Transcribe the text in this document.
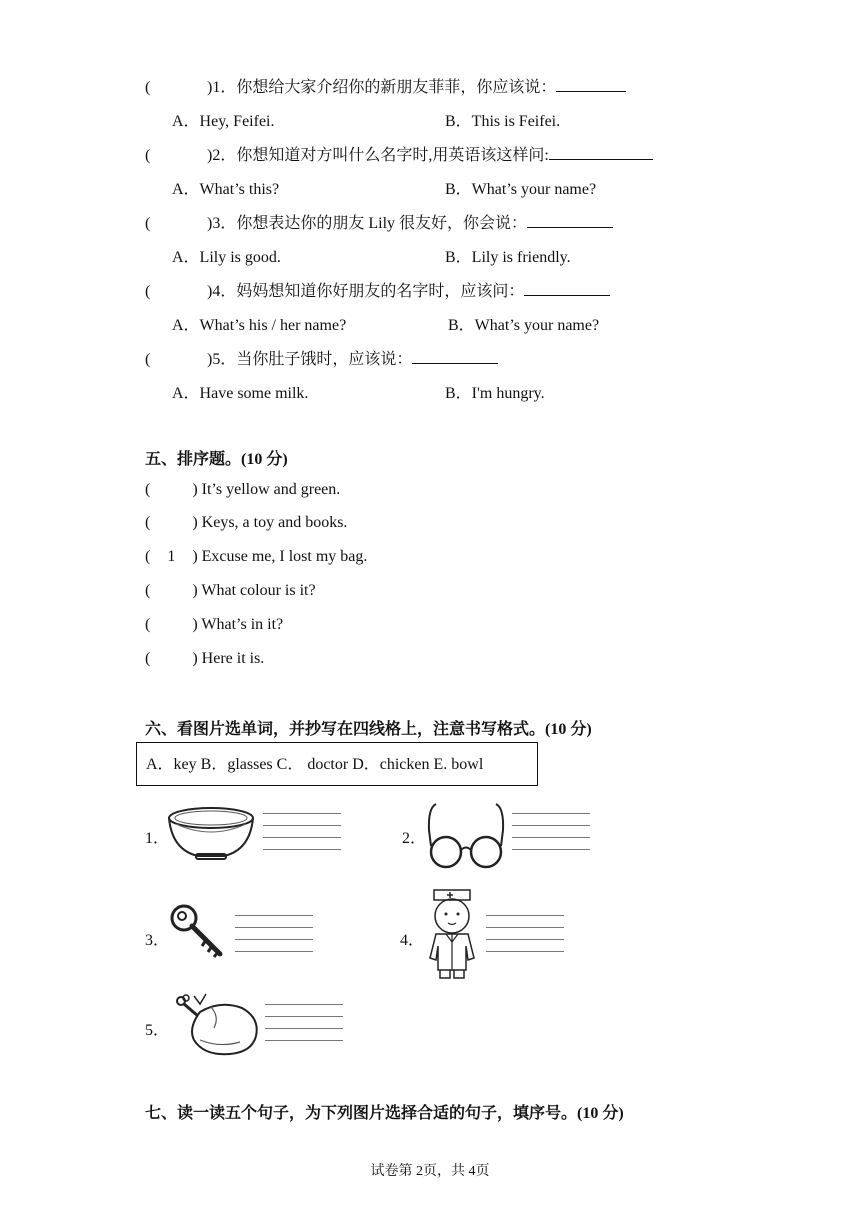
(	)1．你想给大家介绍你的新朋友菲菲，你应该说：
A．Hey, Feifei.	B．This is Feifei.
(	)2．你想知道对方叫什么名字时,用英语该这样问:
A．What’s this?	B．What’s your name?
(	)3．你想表达你的朋友 Lily 很友好，你会说：
A．Lily is good.	B．Lily is friendly.
(	)4．妈妈想知道你好朋友的名字时，应该问：
A．What’s his / her name?	B．What’s your name?
(	)5．当你肚子饿时，应该说：
A．Have some milk.	B．I'm hungry.
五、排序题。(10 分)
(	) It’s yellow and green.
(	) Keys, a toy and books.
( 1 ) Excuse me, I lost my bag.
(	) What colour is it?
(	) What’s in it?
(	) Here it is.
六、看图片选单词，并抄写在四线格上，注意书写格式。(10 分)
A．key B．glasses C． doctor D．chicken E. bowl
1．	2．
3．	4．
5．
七、读一读五个句子，为下列图片选择合适的句子，填序号。(10 分)
试卷第 2页，共 4页
